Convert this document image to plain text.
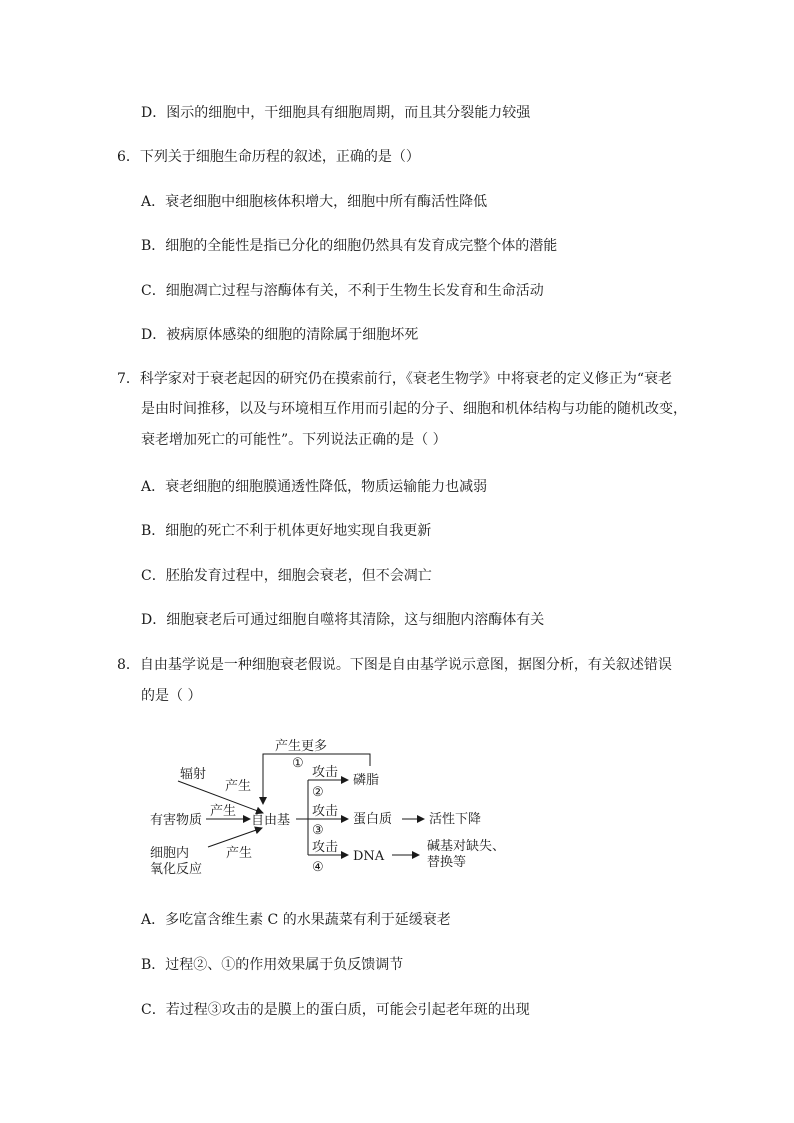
D．图示的细胞中，干细胞具有细胞周期，而且其分裂能力较强
6．下列关于细胞生命历程的叙述，正确的是（）
A．衰老细胞中细胞核体积增大，细胞中所有酶活性降低
B．细胞的全能性是指已分化的细胞仍然具有发育成完整个体的潜能
C．细胞凋亡过程与溶酶体有关，不利于生物生长发育和生命活动
D．被病原体感染的细胞的清除属于细胞坏死
7．科学家对于衰老起因的研究仍在摸索前行，《衰老生物学》中将衰老的定义修正为“衰老
是由时间推移，以及与环境相互作用而引起的分子、细胞和机体结构与功能的随机改变，
衰老增加死亡的可能性”。下列说法正确的是（ ）
A．衰老细胞的细胞膜通透性降低，物质运输能力也减弱
B．细胞的死亡不利于机体更好地实现自我更新
C．胚胎发育过程中，细胞会衰老，但不会凋亡
D．细胞衰老后可通过细胞自噬将其清除，这与细胞内溶酶体有关
8．自由基学说是一种细胞衰老假说。下图是自由基学说示意图，据图分析，有关叙述错误
的是（ ）
产生更多
①
辐射
产生
攻击
磷脂
②
产生	攻击
有害物质	自由基	蛋白质	活性下降
③
产生
细胞内
氧化反应
攻击
DNA
④
碱基对缺失、
替换等
A．多吃富含维生素 C 的水果蔬菜有利于延缓衰老
B．过程②、①的作用效果属于负反馈调节
C．若过程③攻击的是膜上的蛋白质，可能会引起老年斑的出现
